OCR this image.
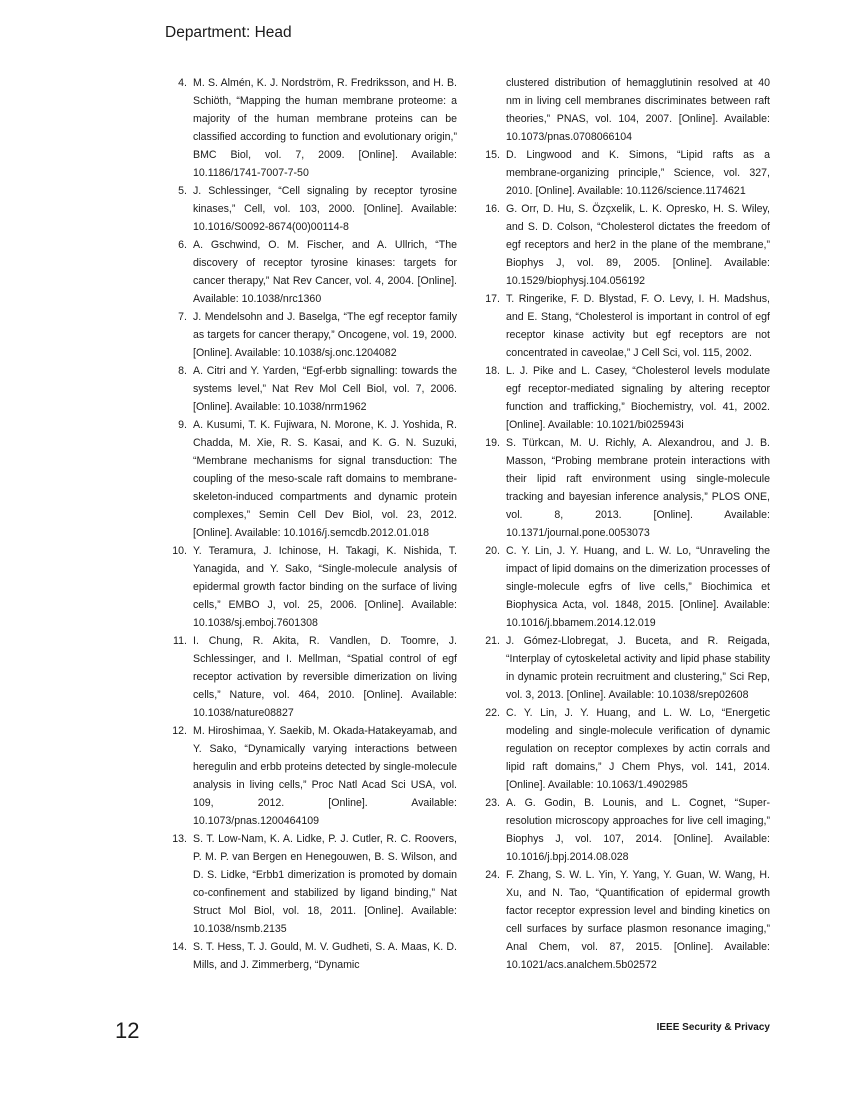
Department: Head
4. M. S. Almén, K. J. Nordström, R. Fredriksson, and H. B. Schiöth, “Mapping the human membrane proteome: a majority of the human membrane proteins can be classified according to function and evolutionary origin,” BMC Biol, vol. 7, 2009. [Online]. Available: 10.1186/1741-7007-7-50
5. J. Schlessinger, “Cell signaling by receptor tyrosine kinases,” Cell, vol. 103, 2000. [Online]. Available: 10.1016/S0092-8674(00)00114-8
6. A. Gschwind, O. M. Fischer, and A. Ullrich, “The discovery of receptor tyrosine kinases: targets for cancer therapy,” Nat Rev Cancer, vol. 4, 2004. [Online]. Available: 10.1038/nrc1360
7. J. Mendelsohn and J. Baselga, “The egf receptor family as targets for cancer therapy,” Oncogene, vol. 19, 2000. [Online]. Available: 10.1038/sj.onc.1204082
8. A. Citri and Y. Yarden, “Egf-erbb signalling: towards the systems level,” Nat Rev Mol Cell Biol, vol. 7, 2006. [Online]. Available: 10.1038/nrm1962
9. A. Kusumi, T. K. Fujiwara, N. Morone, K. J. Yoshida, R. Chadda, M. Xie, R. S. Kasai, and K. G. N. Suzuki, “Membrane mechanisms for signal transduction: The coupling of the meso-scale raft domains to membrane-skeleton-induced compartments and dynamic protein complexes,” Semin Cell Dev Biol, vol. 23, 2012. [Online]. Available: 10.1016/j.semcdb.2012.01.018
10. Y. Teramura, J. Ichinose, H. Takagi, K. Nishida, T. Yanagida, and Y. Sako, “Single-molecule analysis of epidermal growth factor binding on the surface of living cells,” EMBO J, vol. 25, 2006. [Online]. Available: 10.1038/sj.emboj.7601308
11. I. Chung, R. Akita, R. Vandlen, D. Toomre, J. Schlessinger, and I. Mellman, “Spatial control of egf receptor activation by reversible dimerization on living cells,” Nature, vol. 464, 2010. [Online]. Available: 10.1038/nature08827
12. M. Hiroshimaa, Y. Saekib, M. Okada-Hatakeyamab, and Y. Sako, “Dynamically varying interactions between heregulin and erbb proteins detected by single-molecule analysis in living cells,” Proc Natl Acad Sci USA, vol. 109, 2012. [Online]. Available: 10.1073/pnas.1200464109
13. S. T. Low-Nam, K. A. Lidke, P. J. Cutler, R. C. Roovers, P. M. P. van Bergen en Henegouwen, B. S. Wilson, and D. S. Lidke, “Erbb1 dimerization is promoted by domain co-confinement and stabilized by ligand binding,” Nat Struct Mol Biol, vol. 18, 2011. [Online]. Available: 10.1038/nsmb.2135
14. S. T. Hess, T. J. Gould, M. V. Gudheti, S. A. Maas, K. D. Mills, and J. Zimmerberg, “Dynamic
clustered distribution of hemagglutinin resolved at 40 nm in living cell membranes discriminates between raft theories,” PNAS, vol. 104, 2007. [Online]. Available: 10.1073/pnas.0708066104
15. D. Lingwood and K. Simons, “Lipid rafts as a membrane-organizing principle,” Science, vol. 327, 2010. [Online]. Available: 10.1126/science.1174621
16. G. Orr, D. Hu, S. Özçxelik, L. K. Opresko, H. S. Wiley, and S. D. Colson, “Cholesterol dictates the freedom of egf receptors and her2 in the plane of the membrane,” Biophys J, vol. 89, 2005. [Online]. Available: 10.1529/biophysj.104.056192
17. T. Ringerike, F. D. Blystad, F. O. Levy, I. H. Madshus, and E. Stang, “Cholesterol is important in control of egf receptor kinase activity but egf receptors are not concentrated in caveolae,” J Cell Sci, vol. 115, 2002.
18. L. J. Pike and L. Casey, “Cholesterol levels modulate egf receptor-mediated signaling by altering receptor function and trafficking,” Biochemistry, vol. 41, 2002. [Online]. Available: 10.1021/bi025943i
19. S. Türkcan, M. U. Richly, A. Alexandrou, and J. B. Masson, “Probing membrane protein interactions with their lipid raft environment using single-molecule tracking and bayesian inference analysis,” PLOS ONE, vol. 8, 2013. [Online]. Available: 10.1371/journal.pone.0053073
20. C. Y. Lin, J. Y. Huang, and L. W. Lo, “Unraveling the impact of lipid domains on the dimerization processes of single-molecule egfrs of live cells,” Biochimica et Biophysica Acta, vol. 1848, 2015. [Online]. Available: 10.1016/j.bbamem.2014.12.019
21. J. Gómez-Llobregat, J. Buceta, and R. Reigada, “Interplay of cytoskeletal activity and lipid phase stability in dynamic protein recruitment and clustering,” Sci Rep, vol. 3, 2013. [Online]. Available: 10.1038/srep02608
22. C. Y. Lin, J. Y. Huang, and L. W. Lo, “Energetic modeling and single-molecule verification of dynamic regulation on receptor complexes by actin corrals and lipid raft domains,” J Chem Phys, vol. 141, 2014. [Online]. Available: 10.1063/1.4902985
23. A. G. Godin, B. Lounis, and L. Cognet, “Super-resolution microscopy approaches for live cell imaging,” Biophys J, vol. 107, 2014. [Online]. Available: 10.1016/j.bpj.2014.08.028
24. F. Zhang, S. W. L. Yin, Y. Yang, Y. Guan, W. Wang, H. Xu, and N. Tao, “Quantification of epidermal growth factor receptor expression level and binding kinetics on cell surfaces by surface plasmon resonance imaging,” Anal Chem, vol. 87, 2015. [Online]. Available: 10.1021/acs.analchem.5b02572
12	IEEE Security & Privacy
